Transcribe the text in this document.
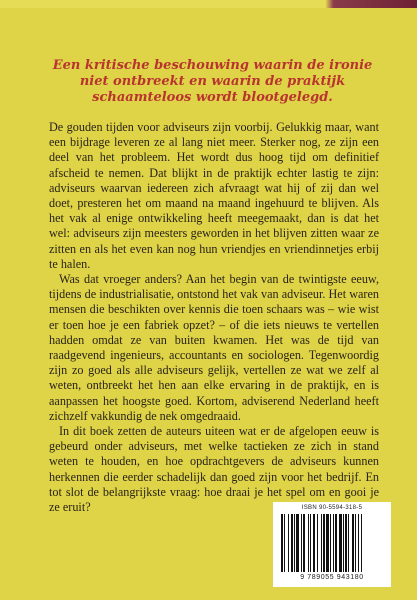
Een kritische beschouwing waarin de ironie niet ontbreekt en waarin de praktijk schaamteloos wordt blootgelegd.

De gouden tijden voor adviseurs zijn voorbij. Gelukkig maar, want een bijdrage leveren ze al lang niet meer. Sterker nog, ze zijn een deel van het probleem. Het wordt dus hoog tijd om definitief afscheid te nemen. Dat blijkt in de praktijk echter lastig te zijn: adviseurs waarvan iedereen zich afvraagt wat hij of zij dan wel doet, presteren het om maand na maand ingehuurd te blijven. Als het vak al enige ontwikkeling heeft meegemaakt, dan is dat het wel: adviseurs zijn meesters geworden in het blijven zitten waar ze zitten en als het even kan nog hun vriendjes en vriendinnetjes erbij te halen.

Was dat vroeger anders? Aan het begin van de twintigste eeuw, tijdens de industrialisatie, ontstond het vak van adviseur. Het waren mensen die beschikten over kennis die toen schaars was – wie wist er toen hoe je een fabriek opzet? – of die iets nieuws te vertellen hadden omdat ze van buiten kwamen. Het was de tijd van raadgevend ingenieurs, accountants en sociologen. Tegenwoordig zijn zo goed als alle adviseurs gelijk, vertellen ze wat we zelf al weten, ontbreekt het hen aan elke ervaring in de praktijk, en is aanpassen het hoogste goed. Kortom, adviserend Nederland heeft zichzelf vakkundig de nek omgedraaid.

In dit boek zetten de auteurs uiteen wat er de afgelopen eeuw is gebeurd onder adviseurs, met welke tactieken ze zich in stand weten te houden, en hoe opdrachtgevers de adviseurs kunnen herkennen die eerder schadelijk dan goed zijn voor het bedrijf. En tot slot de belangrijkste vraag: hoe draai je het spel om en gooi je ze eruit?	ISBN 90-5594-318-5
9 789055 943180
